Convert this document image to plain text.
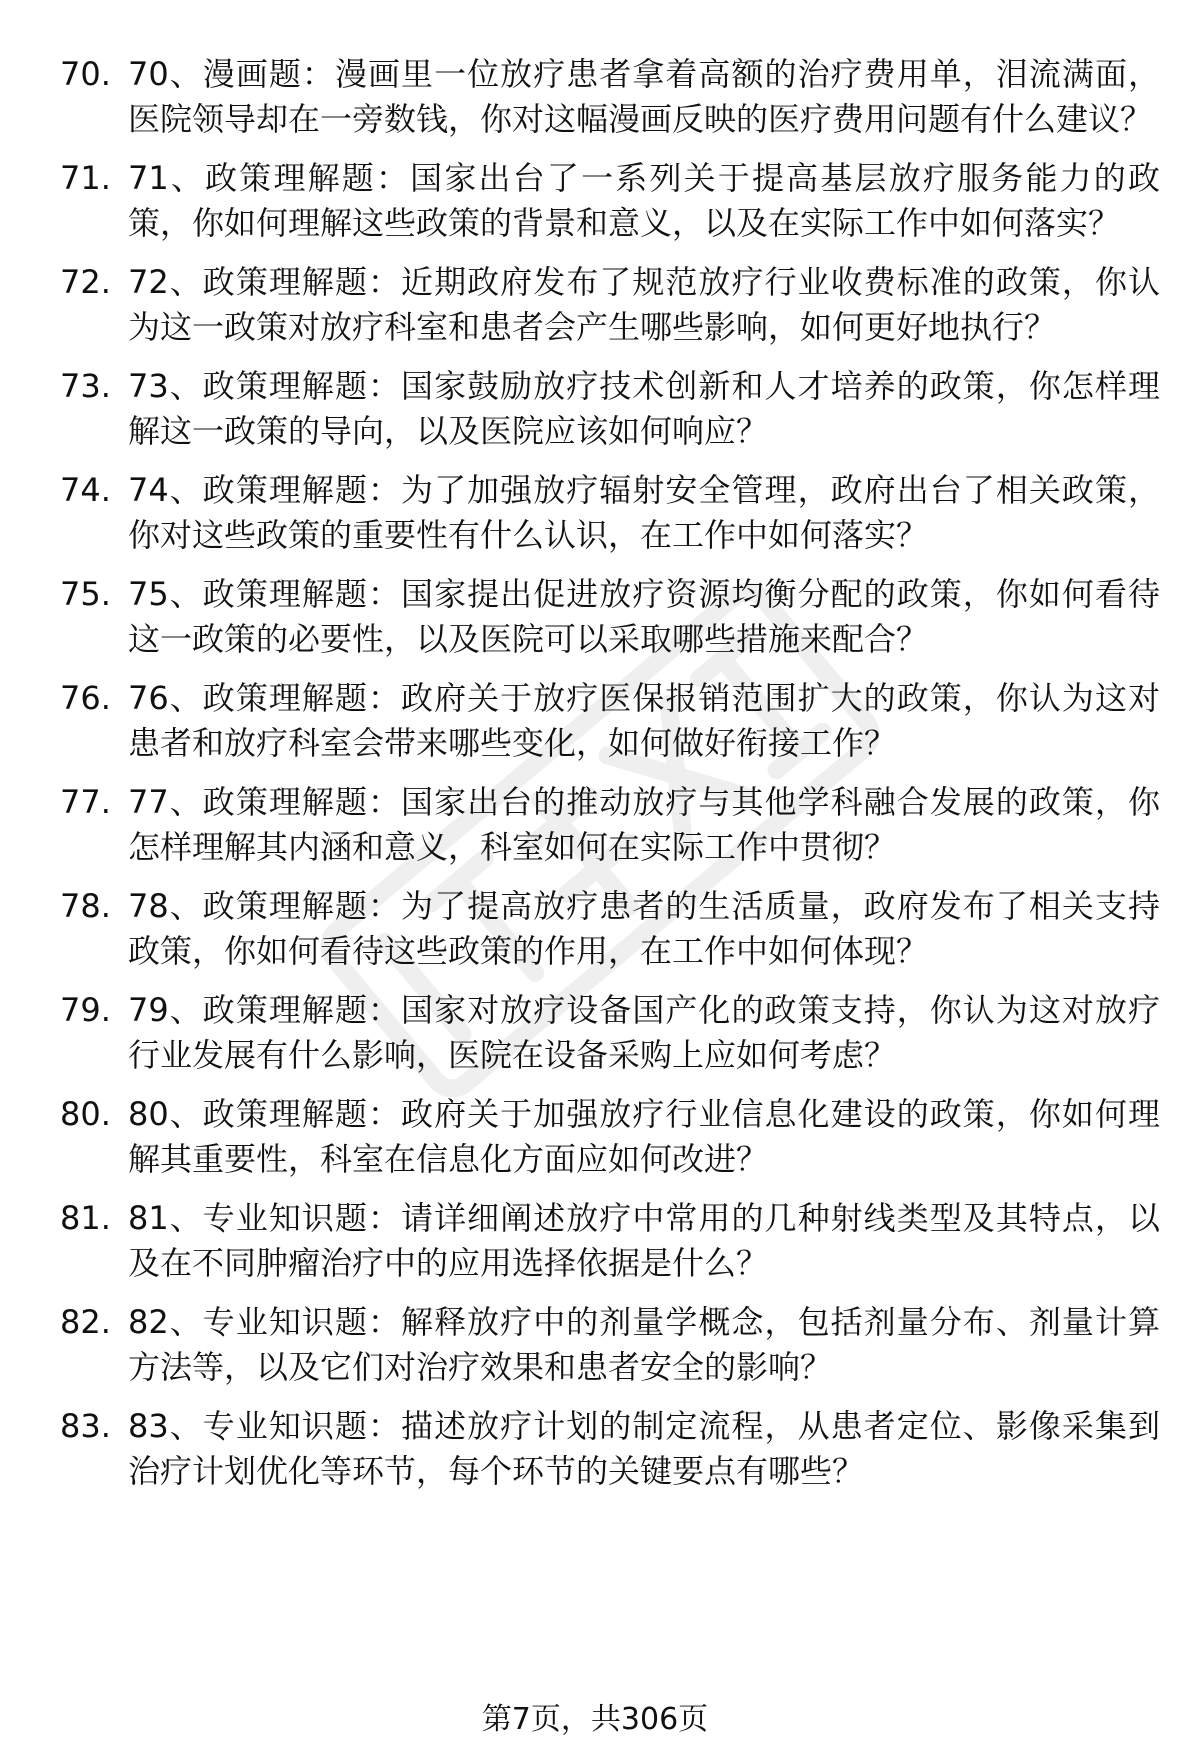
70. 70、漫画题：漫画里一位放疗患者拿着高额的治疗费用单，泪流满面，医院领导却在一旁数钱，你对这幅漫画反映的医疗费用问题有什么建议？
71. 71、政策理解题：国家出台了一系列关于提高基层放疗服务能力的政策，你如何理解这些政策的背景和意义，以及在实际工作中如何落实？
72. 72、政策理解题：近期政府发布了规范放疗行业收费标准的政策，你认为这一政策对放疗科室和患者会产生哪些影响，如何更好地执行？
73. 73、政策理解题：国家鼓励放疗技术创新和人才培养的政策，你怎样理解这一政策的导向，以及医院应该如何响应？
74. 74、政策理解题：为了加强放疗辐射安全管理，政府出台了相关政策，你对这些政策的重要性有什么认识，在工作中如何落实？
75. 75、政策理解题：国家提出促进放疗资源均衡分配的政策，你如何看待这一政策的必要性，以及医院可以采取哪些措施来配合？
76. 76、政策理解题：政府关于放疗医保报销范围扩大的政策，你认为这对患者和放疗科室会带来哪些变化，如何做好衔接工作？
77. 77、政策理解题：国家出台的推动放疗与其他学科融合发展的政策，你怎样理解其内涵和意义，科室如何在实际工作中贯彻？
78. 78、政策理解题：为了提高放疗患者的生活质量，政府发布了相关支持政策，你如何看待这些政策的作用，在工作中如何体现？
79. 79、政策理解题：国家对放疗设备国产化的政策支持，你认为这对放疗行业发展有什么影响，医院在设备采购上应如何考虑？
80. 80、政策理解题：政府关于加强放疗行业信息化建设的政策，你如何理解其重要性，科室在信息化方面应如何改进？
81. 81、专业知识题：请详细阐述放疗中常用的几种射线类型及其特点，以及在不同肿瘤治疗中的应用选择依据是什么？
82. 82、专业知识题：解释放疗中的剂量学概念，包括剂量分布、剂量计算方法等，以及它们对治疗效果和患者安全的影响？
83. 83、专业知识题：描述放疗计划的制定流程，从患者定位、影像采集到治疗计划优化等环节，每个环节的关键要点有哪些？
第7页，共306页
